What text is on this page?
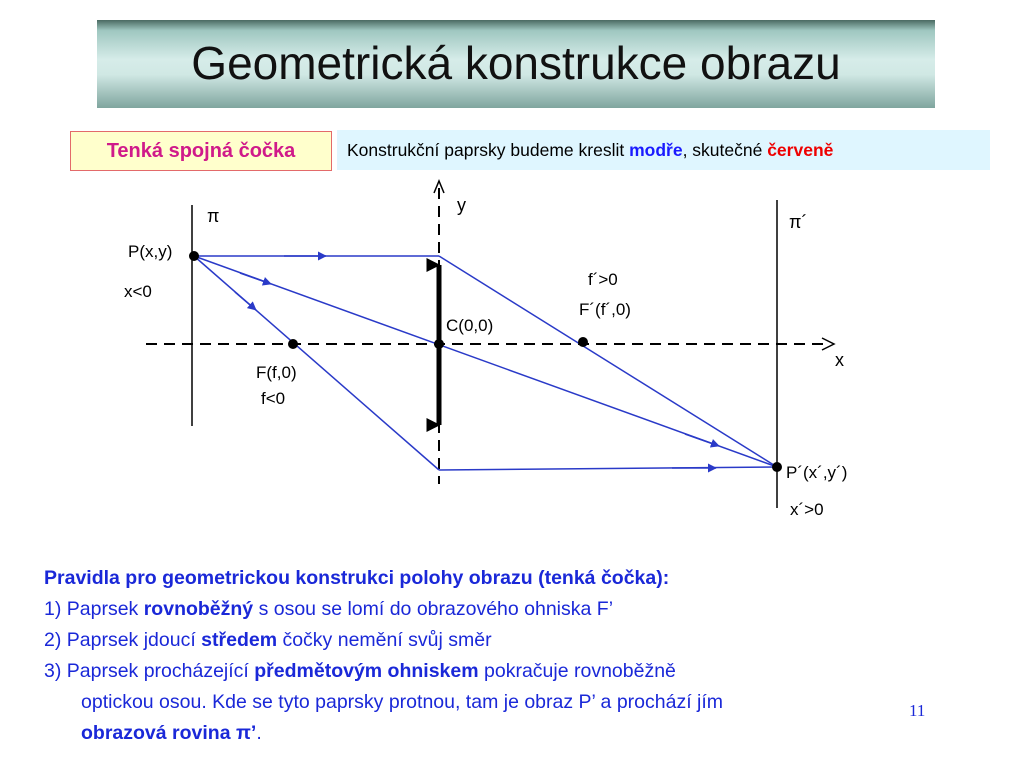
Geometrická konstrukce obrazu
Tenká spojná čočka	Konstrukční paprsky budeme kreslit modře, skutečné červeně
y
x
π	π´
P(x,y)
x<0
f´>0
F´(f´,0)
C(0,0)
F(f,0)
f<0
P´(x´,y´)
x´>0
Pravidla pro geometrickou konstrukci polohy obrazu (tenká čočka):
1) Paprsek rovnoběžný s osou se lomí do obrazového ohniska F’
2) Paprsek jdoucí středem čočky nemění svůj směr
3) Paprsek procházející předmětovým ohniskem pokračuje rovnoběžně
optickou osou. Kde se tyto paprsky protnou, tam je obraz P’ a prochází jím
obrazová rovina π’.
11
